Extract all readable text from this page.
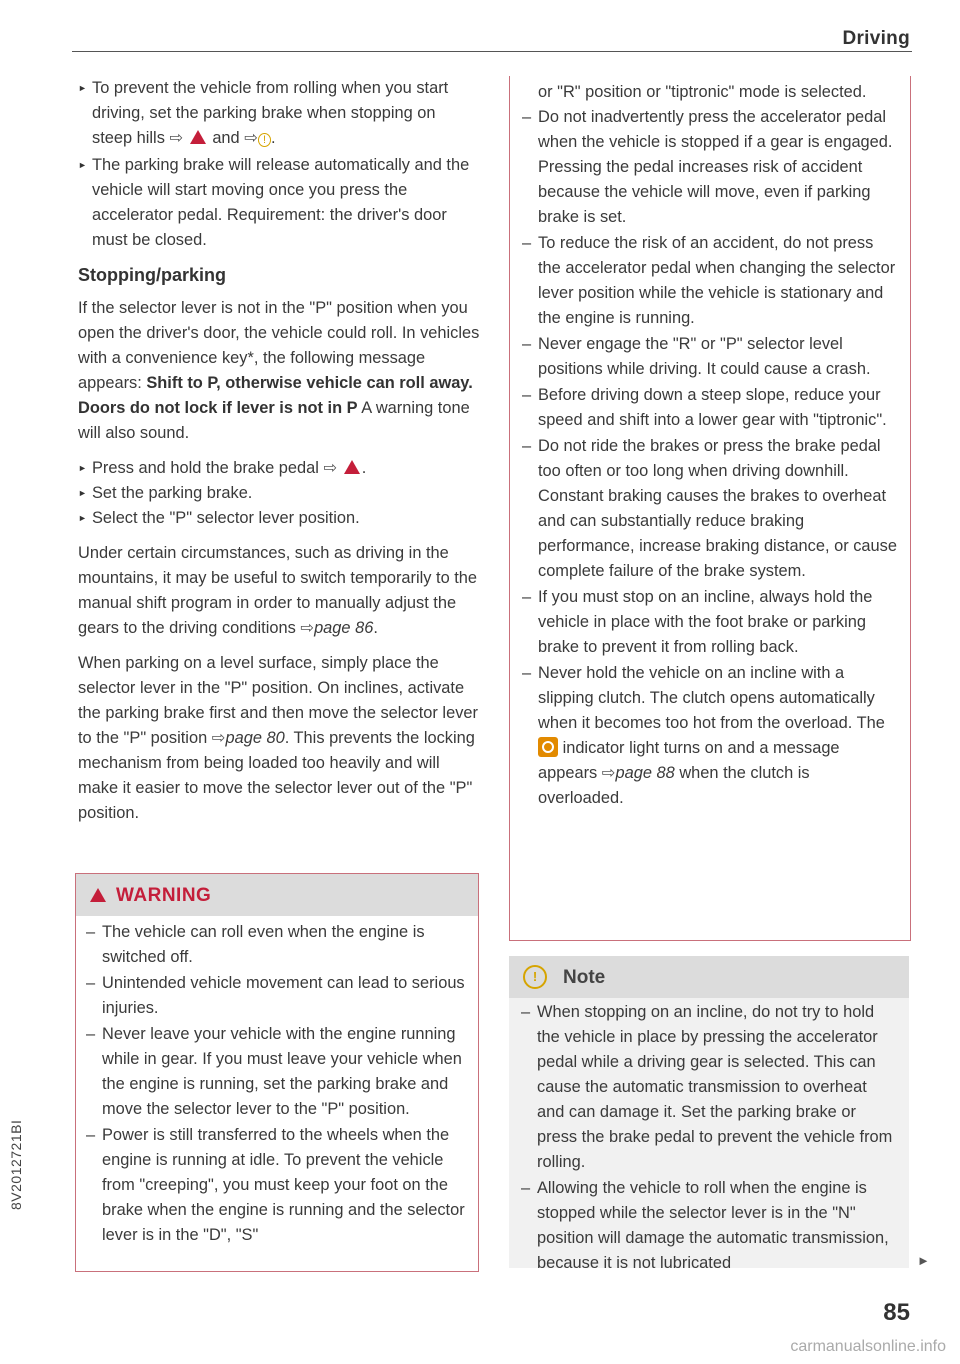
Driving
► To prevent the vehicle from rolling when you start driving, set the parking brake when stopping on steep hills ⇨ and ⇨ ! .
► The parking brake will release automatically and the vehicle will start moving once you press the accelerator pedal. Requirement: the driver's door must be closed.
Stopping/parking

If the selector lever is not in the "P" position when you open the driver's door, the vehicle could roll. In vehicles with a convenience key*, the following message appears: Shift to P, otherwise vehicle can roll away. Doors do not lock if lever is not in P A warning tone will also sound.

► Press and hold the brake pedal ⇨ .
► Set the parking brake.
► Select the "P" selector lever position.

Under certain circumstances, such as driving in the mountains, it may be useful to switch temporarily to the manual shift program in order to manually adjust the gears to the driving conditions ⇨page 86.

When parking on a level surface, simply place the selector lever in the "P" position. On inclines, activate the parking brake first and then move the selector lever to the "P" position ⇨page 80. This prevents the locking mechanism from being loaded too heavily and will make it easier to move the selector lever out of the "P" position.

WARNING
– The vehicle can roll even when the engine is switched off.
– Unintended vehicle movement can lead to serious injuries.
– Never leave your vehicle with the engine running while in gear. If you must leave your vehicle when the engine is running, set the parking brake and move the selector lever to the "P" position.
– Power is still transferred to the wheels when the engine is running at idle. To prevent the vehicle from "creeping", you must keep your foot on the brake when the engine is running and the selector lever is in the "D", "S"

or "R" position or "tiptronic" mode is selected.

– Do not inadvertently press the accelerator pedal when the vehicle is stopped if a gear is engaged. Pressing the pedal increases risk of accident because the vehicle will move, even if parking brake is set.
– To reduce the risk of an accident, do not press the accelerator pedal when changing the selector lever position while the vehicle is stationary and the engine is running.
– Never engage the "R" or "P" selector level positions while driving. It could cause a crash.
– Before driving down a steep slope, reduce your speed and shift into a lower gear with "tiptronic".
– Do not ride the brakes or press the brake pedal too often or too long when driving downhill. Constant braking causes the brakes to overheat and can substantially reduce braking performance, increase braking distance, or cause complete failure of the brake system.
– If you must stop on an incline, always hold the vehicle in place with the foot brake or parking brake to prevent it from rolling back.
– Never hold the vehicle on an incline with a slipping clutch. The clutch opens automatically when it becomes too hot from the overload. The  indicator light turns on and a message appears ⇨page 88 when the clutch is overloaded.
!	Note
– When stopping on an incline, do not try to hold the vehicle in place by pressing the accelerator pedal while a driving gear is selected. This can cause the automatic transmission to overheat and can damage it. Set the parking brake or press the brake pedal to prevent the vehicle from rolling.
– Allowing the vehicle to roll when the engine is stopped while the selector lever is in the "N" position will damage the automatic transmission, because it is not lubricated	►
85
8V2012721BI
carmanualsonline.info
